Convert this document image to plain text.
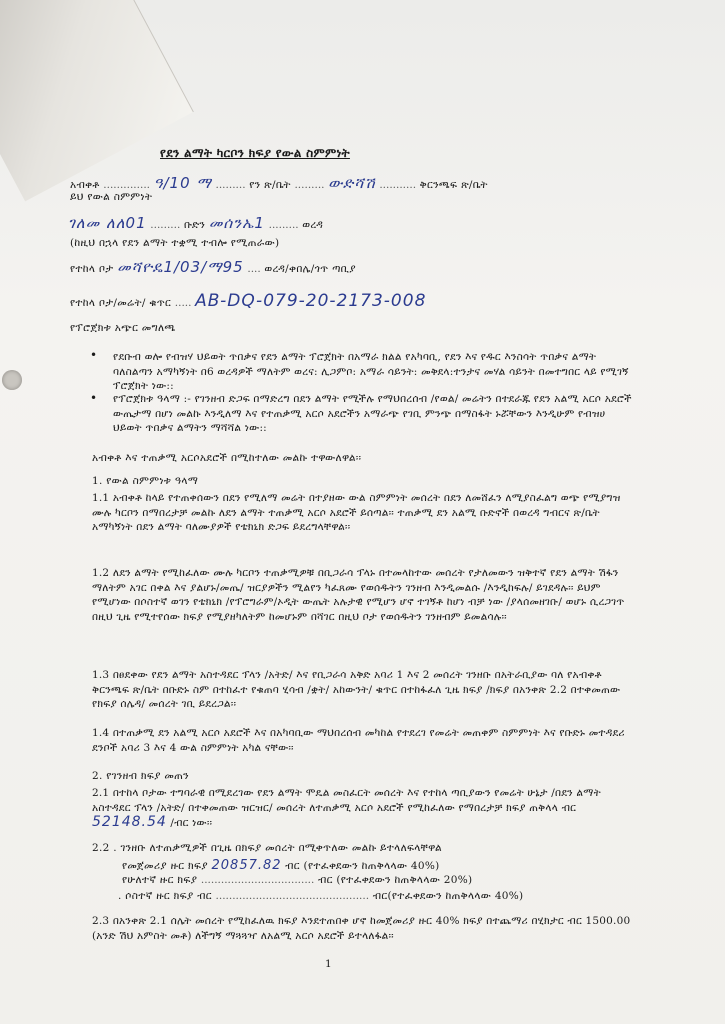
የደን ልማት ካርቦን ክፍያ የውል ስምምነት
አብቀቶ .............. ዓ/10 ማ ......... የን ጽ/ቤት ......... ውድሻሽ ........... ቅርንጫፍ ጽ/ቤት
ይህ የውል ስምምነት
ገለመ ለለ01 ......... ቡድን መሰንኤ1 ......... ወረዳ
(ከዚህ በኋላ የደን ልማት ተቋሚ ተብሎ የሚጠራው)
የተከላ ቦታ መሻዮዴ1/03/ማ95 .... ወረዳ/ቀበሌ/ጎጥ ጣቢያ
የተከላ ቦታ/መሬት/ ቁጥር ..... AB-DQ-079-20-2173-008
የፕሮጀክቱ አጭር መግለጫ
• የደቡብ ወሎ የብዝሃ ህይወት ጥበቃና የደን ልማት ፕሮጀክት በአማራ ክልል የአካባቢ, የደን እና የዱር እንስሳት ጥበቃና ልማት ባለስልጣን አማካኝነት በ6 ወረዳዎች ማለትም ወረና: ሊጋምቦ: አማራ ሳይንት: መቅደላ:ተንታና መሃል ሳይንት በመተግበር ላይ የሚገኝ ፕሮጀክት ነው::
• የፕሮጀክቱ ዓላማ :- የገንዘብ ድጋፍ በማድረግ በደን ልማት የሚችሉ የማህበረሰብ /የወል/ መሬትን በተደራጁ የደን አልሚ አርሶ አደሮች ውጤታማ በሆነ መልኩ እንዲለማ እና የተጠቃሚ አርሶ አደሮችን አማራጭ የገቢ ምንጭ በማስፋት ኑሯቸውን እንዲሁም የብዝሀ ህይወት ጥበቃና ልማትን ማሻሻል ነው::
አብቀቶ እና ተጠቃሚ አርሶአደሮች በሚከተለው መልኩ ተዋውለዋል፡፡
1. የውል ስምምነቱ ዓላማ
1.1 አብቀቶ ከላይ የተጠቀሰውን በደን የሚለማ መሬት በተያዘው ውል ስምምነት መሰረት በደን ለመሸፈን ለሚያስፈልግ ወጭ የሚያግዝ ሙሉ ካርቦን በማበረታቻ መልኩ ለደን ልማት ተጠቃሚ አርሶ አደሮች ይሰጣል፡፡ ተጠቃሚ ደን አልሚ ቡድኖች በወረዳ ግብርና ጽ/ቤት አማካኝነት በደን ልማት ባለሙያዎች የቴክኒክ ድጋፍ ይደረግላቸዋል፡፡
1.2 ለደን ልማት የሚከፈለው ሙሉ ካርቦን ተጠቃሚዎቹ በቢጋራሳ ፕላኑ በተመላከተው መሰረት የታለመውን ዝቅተኛ የደን ልማት ሽፋን ማለትም አገር በቀል እና ያልሆኑ/መጤ/ ዝርያዎችን ሚልየን ካፈጸሙ የወሰዱትን ገንዘብ እንዲመልሱ /እንዲከፍሉ/ ይገደዳሉ፡፡ ይህም የሚሆነው በሶስተኛ ወገን የቴክኒክ /የፕሮግራም/ኦዲት ውጤት አሉታዊ የሚሆን ሆኖ ተገኝቶ ከሆነ ብቻ ነው /ያላሰመዘገቡ/ ወሆኑ ሲረጋገጥ በዚህ ጊዜ የሚተየሰው ክፍያ የሚያዘካለትም ከመሆኑም በሻገር በዚህ ቦታ የወሰዱትን ገንዘብም ይመልሳሉ፡፡
1.3 በፀደቀው የደን ልማት አስተዳደር ፕላን /አትድ/ እና የቢጋራሳ አቅድ አባሪ 1 እና 2 መሰረት ገንዘቡ በአትራቢያው ባለ የአብቀቶ ቅርንጫፍ ጽ/ቤት በቡድኑ ስም በተከፈተ የቁጠባ ሂሳብ /ቋት/ አከውንት/ ቁጥር በተከፋፈለ ጊዜ ክፍያ /ክፍያ በአንቀጽ 2.2 በተቀመጠው የክፍያ ሰሌዳ/ መሰረት ገቢ ይደረጋል፡፡
1.4 በተጠቃሚ ደን አልሚ አርሶ አደሮች እና በአካባቢው ማህበረሰብ መካከል የተደረገ የመሬት መጠቀም ስምምነት እና የቡድኑ መተዳደሪ ደንቦች አባሪ 3 እና 4 ውል ስምምነት አካል ናቸው፡፡
2. የገንዘብ ክፍያ መጠን
2.1 በተከላ ቦታው ተግባራዊ በሚደረገው የደን ልማት ሞዴል መስፈርት መሰረት እና የተከላ ጣቢያውን የመሬት ሁኔታ /በደን ልማት አስተዳደር ፕላን /አትድ/ በተቀመጠው ዝርዝር/ መሰረት ለተጠቃሚ አርሶ አደሮች የሚከፈለው የማበረታቻ ክፍያ ጠቅላላ ብር 52148.54 /ብር ነው፡፡
2.2 . ገንዘቡ ለተጠቃሚዎች በጊዜ በክፍያ መሰረት በሚቀጥለው መልኩ ይተላለፍላቸዋል
የመጀመሪያ ዙር ክፍያ 20857.82 ብር (የተፈቀደውን ከጠቅላላው 40%)
የሁለተኛ ዙር ክፍያ .................................. ብር (የተፈቀደውን ከጠቅላላው 20%)
. ሶስተኛ ዙር ክፍያ ብር .............................................. ብር(የተፈቀደውን ከጠቅላላው 40%)
2.3 በአንቀጽ 2.1 ሰሌት መሰረት የሚከፈለዉ ክፍያ እንደተጠበቀ ሆኖ ከመጀመሪያ ዙር 40% ክፍያ በተጨማሪ በሂክታር ብር 1500.00 (አንድ ሽህ አምስት መቶ) ለችግኝ ማጓጓዣ ለአልሚ አርሶ አደሮች ይተላለፋል፡፡
1
